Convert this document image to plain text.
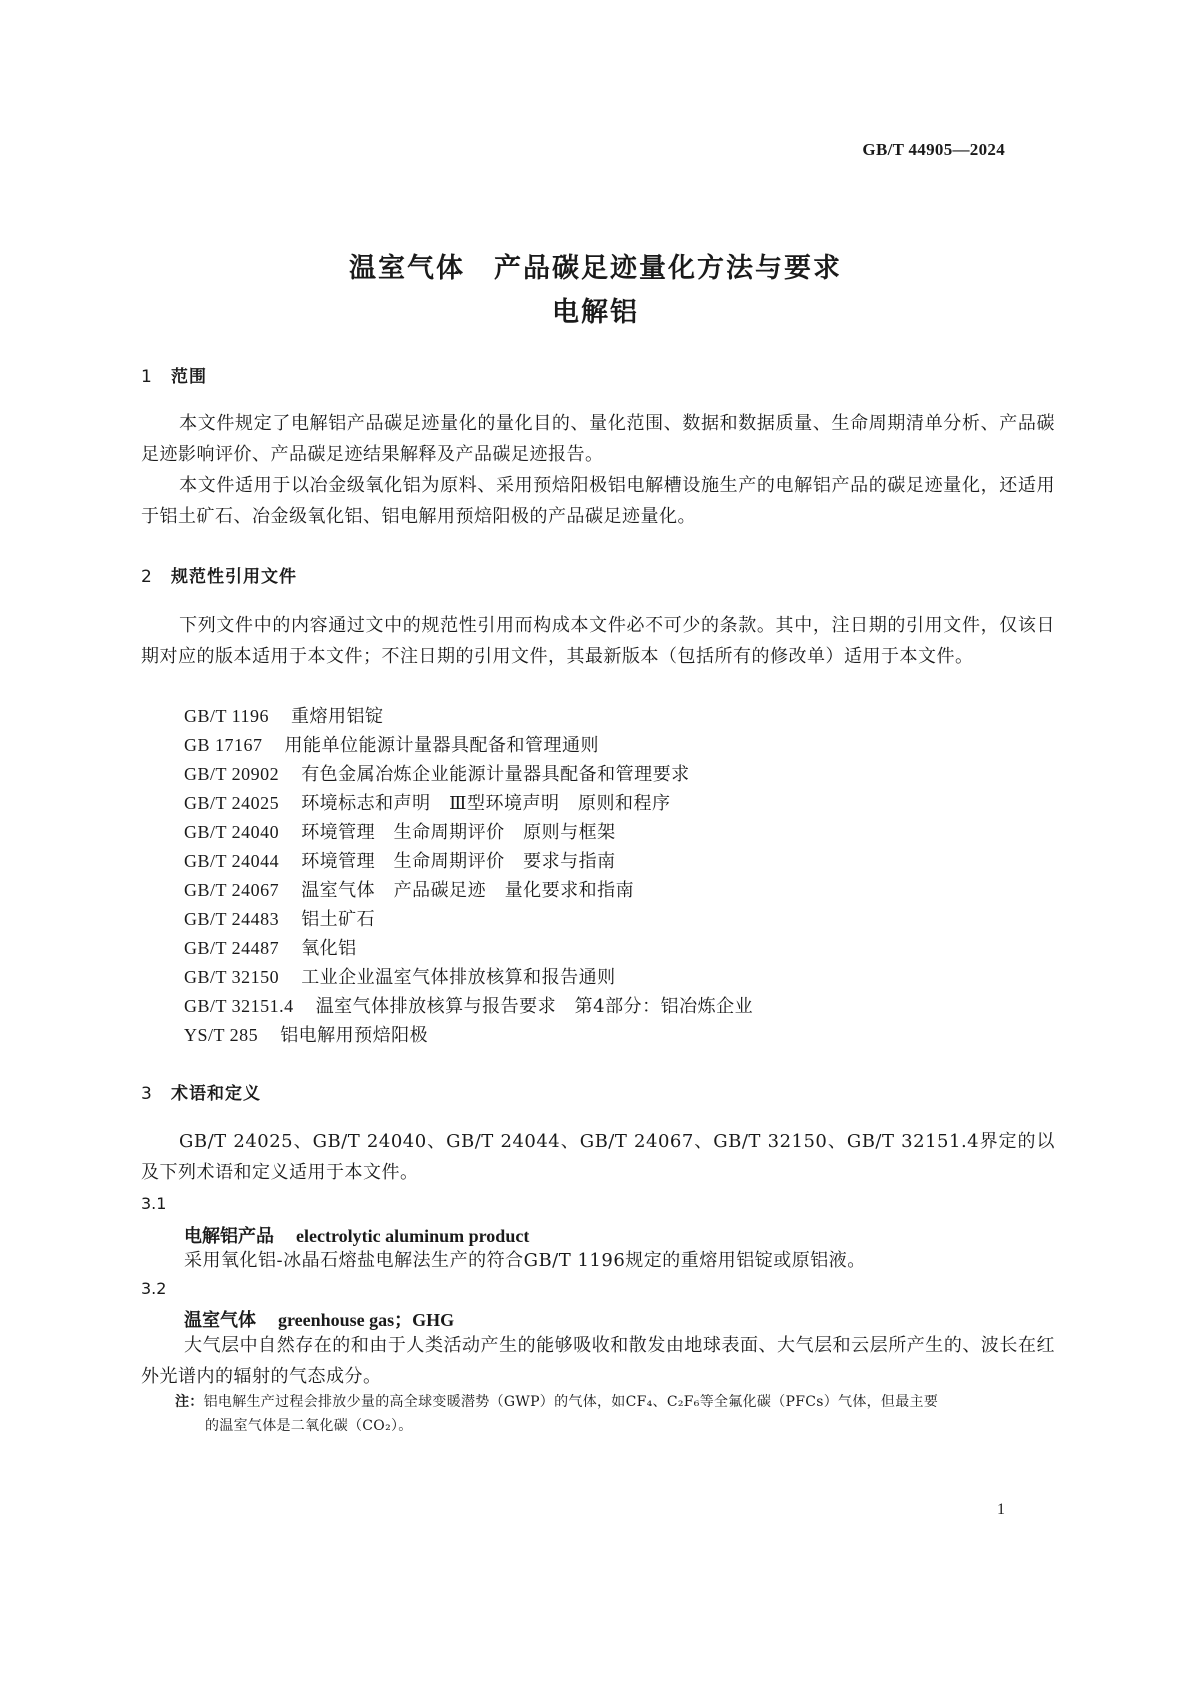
GB/T 44905—2024
温室气体　产品碳足迹量化方法与要求
电解铝
1 范围
本文件规定了电解铝产品碳足迹量化的量化目的、量化范围、数据和数据质量、生命周期清单分析、产品碳足迹影响评价、产品碳足迹结果解释及产品碳足迹报告。
本文件适用于以冶金级氧化铝为原料、采用预焙阳极铝电解槽设施生产的电解铝产品的碳足迹量化，还适用于铝土矿石、冶金级氧化铝、铝电解用预焙阳极的产品碳足迹量化。
2 规范性引用文件
下列文件中的内容通过文中的规范性引用而构成本文件必不可少的条款。其中，注日期的引用文件，仅该日期对应的版本适用于本文件；不注日期的引用文件，其最新版本（包括所有的修改单）适用于本文件。
GB/T 1196 重熔用铝锭
GB 17167 用能单位能源计量器具配备和管理通则
GB/T 20902 有色金属冶炼企业能源计量器具配备和管理要求
GB/T 24025 环境标志和声明　Ⅲ型环境声明　原则和程序
GB/T 24040 环境管理　生命周期评价　原则与框架
GB/T 24044 环境管理　生命周期评价　要求与指南
GB/T 24067 温室气体　产品碳足迹　量化要求和指南
GB/T 24483 铝土矿石
GB/T 24487 氧化铝
GB/T 32150 工业企业温室气体排放核算和报告通则
GB/T 32151.4 温室气体排放核算与报告要求　第4部分：铝冶炼企业
YS/T 285 铝电解用预焙阳极
3 术语和定义
GB/T 24025、GB/T 24040、GB/T 24044、GB/T 24067、GB/T 32150、GB/T 32151.4界定的以及下列术语和定义适用于本文件。
3.1
电解铝产品 electrolytic aluminum product
采用氧化铝-冰晶石熔盐电解法生产的符合GB/T 1196规定的重熔用铝锭或原铝液。
3.2
温室气体 greenhouse gas；GHG
大气层中自然存在的和由于人类活动产生的能够吸收和散发由地球表面、大气层和云层所产生的、波长在红外光谱内的辐射的气态成分。
注：铝电解生产过程会排放少量的高全球变暖潜势（GWP）的气体，如CF₄、C₂F₆等全氟化碳（PFCs）气体，但最主要
的温室气体是二氧化碳（CO₂）。
1
